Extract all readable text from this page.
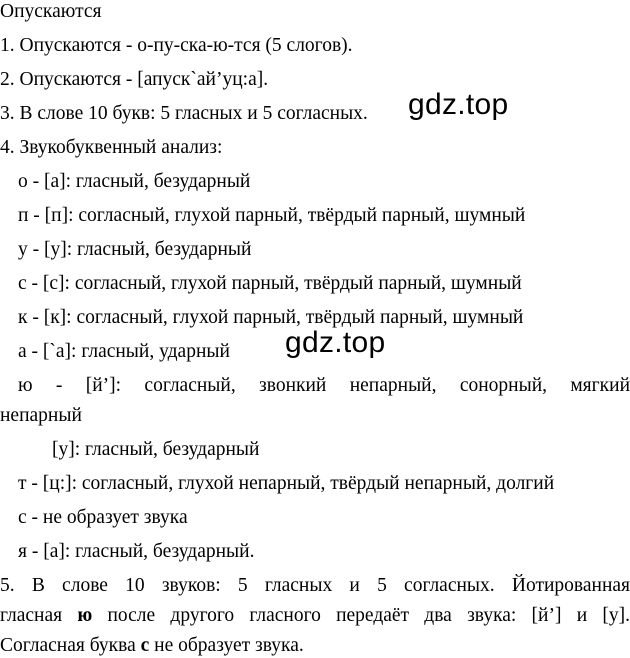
Опускаются
1. Опускаются - о-пу-ска-ю-тся (5 слогов).
2. Опускаются - [апуск`ай’уц:а].
3. В слове 10 букв: 5 гласных и 5 согласных. gdz.top
4. Звукобуквенный анализ:
о - [а]: гласный, безударный
п - [п]: согласный, глухой парный, твёрдый парный, шумный
у - [у]: гласный, безударный
с - [с]: согласный, глухой парный, твёрдый парный, шумный
к - [к]: согласный, глухой парный, твёрдый парный, шумный
а - [`а]: гласный, ударный gdz.top
ю - [й’]: согласный, звонкий непарный, сонорный, мягкий
непарный
[у]: гласный, безударный
т - [ц:]: согласный, глухой непарный, твёрдый непарный, долгий
с - не образует звука
я - [а]: гласный, безударный.
5. В слове 10 звуков: 5 гласных и 5 согласных. Йотированная
гласная ю после другого гласного передаёт два звука: [й’] и [у].
Согласная буква с не образует звука.
